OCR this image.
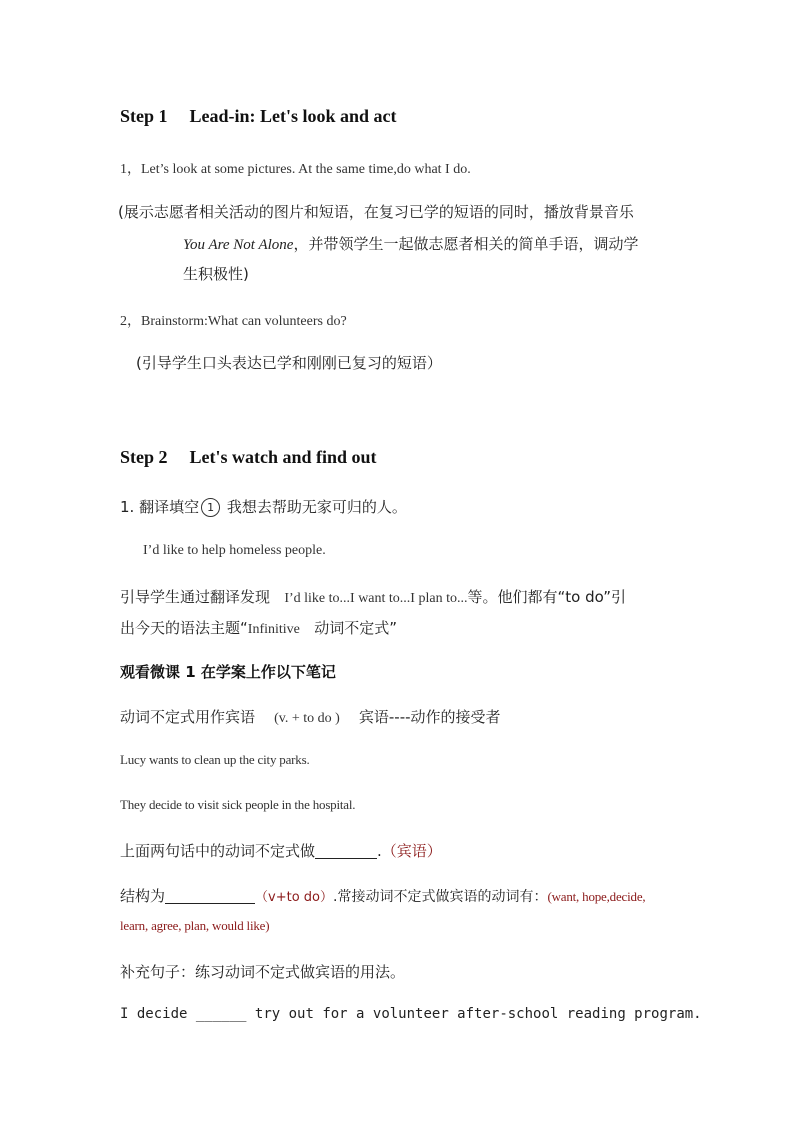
Step 1 Lead-in: Let's look and act
1，Let’s look at some pictures. At the same time,do what I do.
(展示志愿者相关活动的图片和短语，在复习已学的短语的同时，播放背景音乐
You Are Not Alone，并带领学生一起做志愿者相关的简单手语，调动学
生积极性)
2，Brainstorm:What can volunteers do?
(引导学生口头表达已学和刚刚已复习的短语）
Step 2 Let's watch and find out
1. 翻译填空 1 我想去帮助无家可归的人。
I’d like to help homeless people.
引导学生通过翻译发现 I’d like to...I want to...I plan to...等。他们都有“to do”引
出今天的语法主题“Infinitive 动词不定式”
观看微课 1 在学案上作以下笔记
动词不定式用作宾语 (v. + to do ) 宾语----动作的接受者
Lucy wants to clean up the city parks.
They decide to visit sick people in the hospital.
上面两句话中的动词不定式做	.（宾语）
结构为	（v+to do）.常接动词不定式做宾语的动词有：(want, hope,decide,
learn, agree, plan, would like)
补充句子：练习动词不定式做宾语的用法。
I decide ______ try out for a volunteer after-school reading program.
